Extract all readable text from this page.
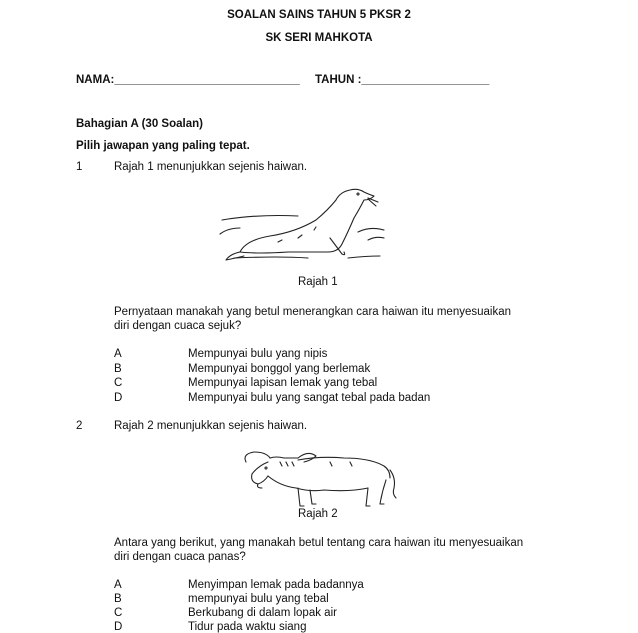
SOALAN SAINS TAHUN 5 PKSR 2
SK SERI MAHKOTA
NAMA:_____________________________ TAHUN :____________________
Bahagian A (30 Soalan)
Pilih jawapan yang paling tepat.
1	Rajah 1 menunjukkan sejenis haiwan.
Rajah 1
Pernyataan manakah yang betul menerangkan cara haiwan itu menyesuaikan
diri dengan cuaca sejuk?
A	Mempunyai bulu yang nipis
B	Mempunyai bonggol yang berlemak
C	Mempunyai lapisan lemak yang tebal
D	Mempunyai bulu yang sangat tebal pada badan
2	Rajah 2 menunjukkan sejenis haiwan.
Rajah 2
Antara yang berikut, yang manakah betul tentang cara haiwan itu menyesuaikan
diri dengan cuaca panas?
A	Menyimpan lemak pada badannya
B	mempunyai bulu yang tebal
C	Berkubang di dalam lopak air
D	Tidur pada waktu siang
